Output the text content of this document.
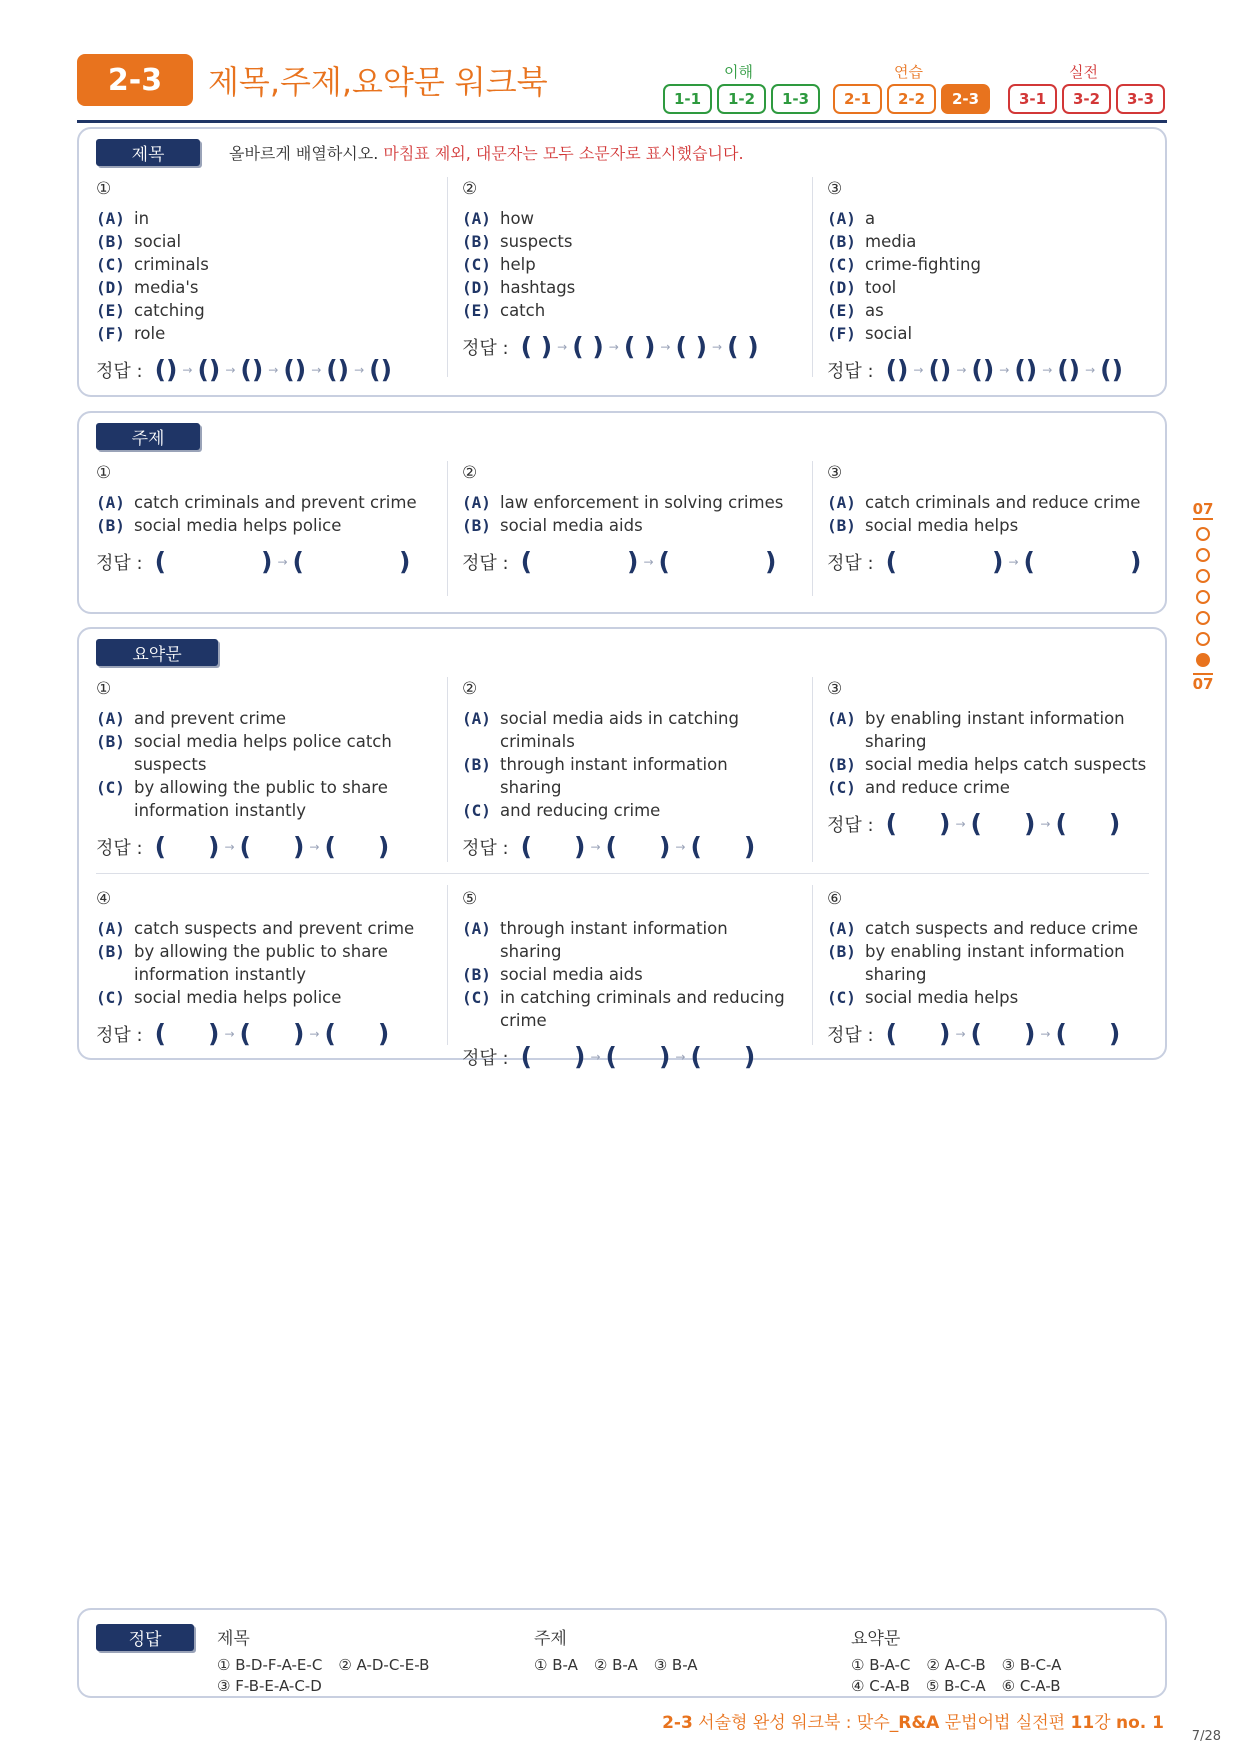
2-3	제목,주제,요약문 워크북	이해
1-1	1-2	1-3
연습
2-1	2-2	2-3
실전
3-1	3-2	3-3
제목	올바르게 배열하시오. 마침표 제외, 대문자는 모두 소문자로 표시했습니다.
①
(A) in
(B) social
(C) criminals
(D) media's
(E) catching
(F) role
정답 : () → () → () → () → () → ()
②
(A) how
(B) suspects
(C) help
(D) hashtags
(E) catch
정답 : ( ) → ( ) → ( ) → ( ) → ( )
③
(A) a
(B) media
(C) crime-fighting
(D) tool
(E) as
(F) social
정답 : () → () → () → () → () → ()
주제
①
(A) catch criminals and prevent crime
(B) social media helps police
정답 : (	) → (	)
②
(A) law enforcement in solving crimes
(B) social media aids
정답 : (	) → (	)
③
(A) catch criminals and reduce crime
(B) social media helps
정답 : (	) → (	)
요약문
①
(A) and prevent crime
(B) social media helps police catch suspects
(C) by allowing the public to share information instantly
정답 : ( ) → ( ) → ( )
②
(A) social media aids in catching criminals
(B) through instant information sharing
(C) and reducing crime
정답 : ( ) → ( ) → ( )
③
(A) by enabling instant information sharing
(B) social media helps catch suspects
(C) and reduce crime
정답 : ( ) → ( ) → ( )
④
(A) catch suspects and prevent crime
(B) by allowing the public to share information instantly
(C) social media helps police
정답 : ( ) → ( ) → ( )
⑤
(A) through instant information sharing
(B) social media aids
(C) in catching criminals and reducing crime
정답 : ( ) → ( ) → ( )
⑥
(A) catch suspects and reduce crime
(B) by enabling instant information sharing
(C) social media helps
정답 : ( ) → ( ) → ( )
07
07
정답	제목
① B-D-F-A-E-C ② A-D-C-E-B
③ F-B-E-A-C-D
주제
① B-A ② B-A ③ B-A
요약문
① B-A-C ② A-C-B ③ B-C-A
④ C-A-B ⑤ B-C-A ⑥ C-A-B
2-3 서술형 완성 워크북 : 맞수_R&A 문법어법 실전편 11강 no. 1
7/28
